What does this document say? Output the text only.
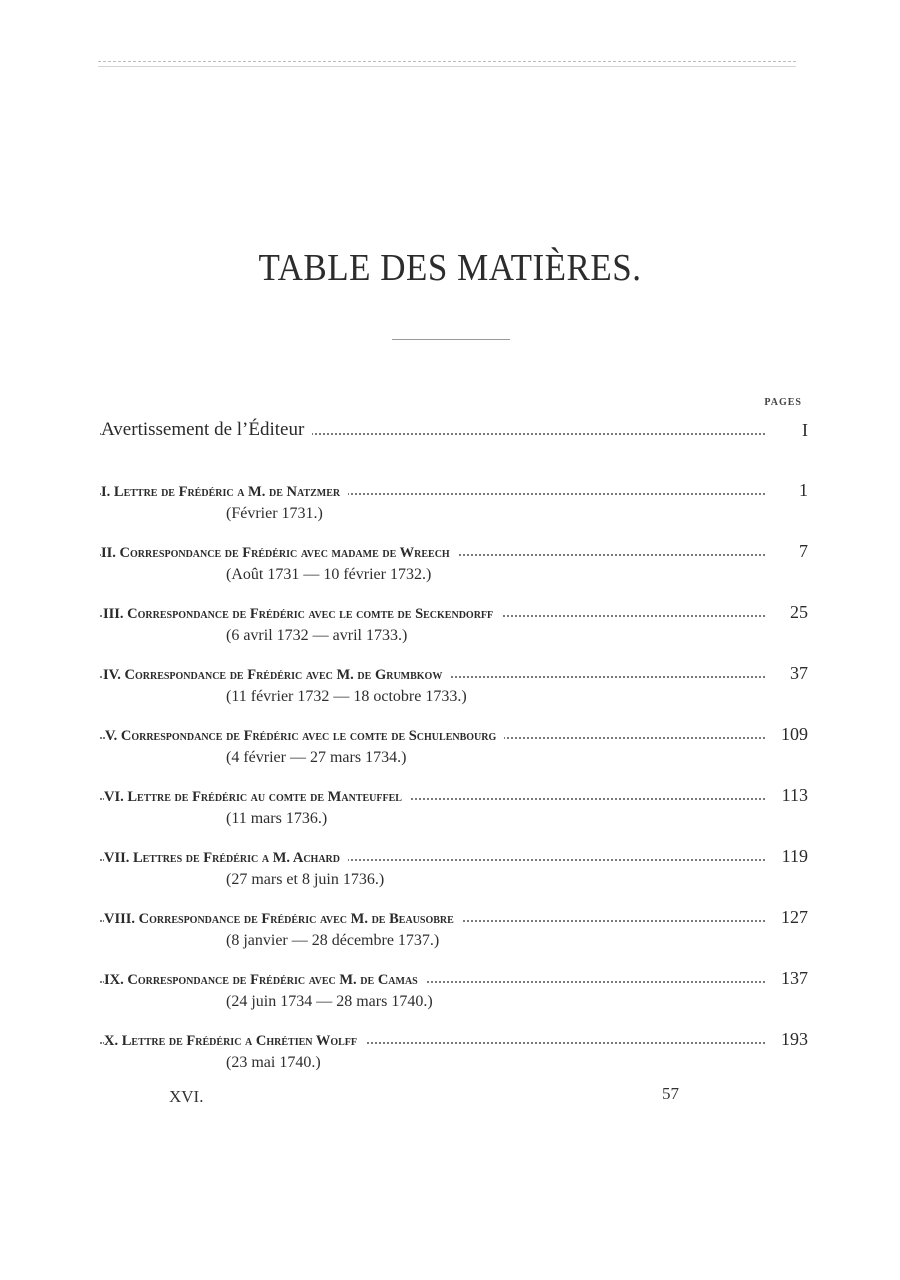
TABLE DES MATIÈRES.
PAGES
Avertissement de l’Éditeur	I
I. Lettre de Frédéric a M. de Natzmer	1
(Février 1731.)
II. Correspondance de Frédéric avec madame de Wreech	7
(Août 1731 — 10 février 1732.)
III. Correspondance de Frédéric avec le comte de Seckendorff	25
(6 avril 1732 — avril 1733.)
IV. Correspondance de Frédéric avec M. de Grumbkow	37
(11 février 1732 — 18 octobre 1733.)
V. Correspondance de Frédéric avec le comte de Schulenbourg	109
(4 février — 27 mars 1734.)
VI. Lettre de Frédéric au comte de Manteuffel	113
(11 mars 1736.)
VII. Lettres de Frédéric a M. Achard	119
(27 mars et 8 juin 1736.)
VIII. Correspondance de Frédéric avec M. de Beausobre	127
(8 janvier — 28 décembre 1737.)
IX. Correspondance de Frédéric avec M. de Camas	137
(24 juin 1734 — 28 mars 1740.)
X. Lettre de Frédéric a Chrétien Wolff	193
(23 mai 1740.)
XVI.	57
